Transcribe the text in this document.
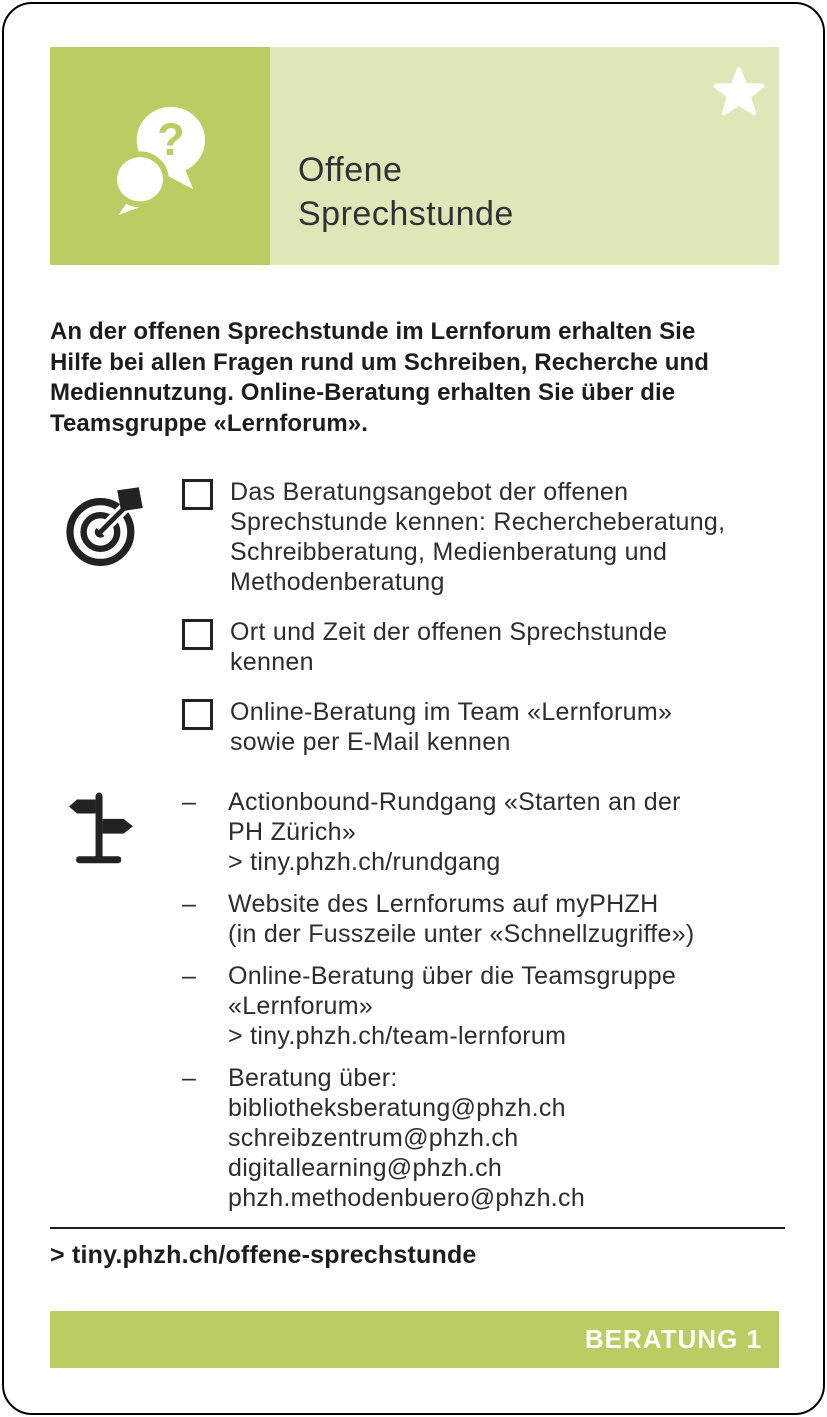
?
Offene
Sprechstunde
An der offenen Sprechstunde im Lernforum erhalten Sie
Hilfe bei allen Fragen rund um Schreiben, Recherche und
Mediennutzung. Online-Beratung erhalten Sie über die
Teamsgruppe «Lernforum».
Das Beratungsangebot der offenen
Sprechstunde kennen: Rechercheberatung,
Schreibberatung, Medienberatung und
Methodenberatung
Ort und Zeit der offenen Sprechstunde
kennen
Online-Beratung im Team «Lernforum»
sowie per E-Mail kennen
–	Actionbound-Rundgang «Starten an der
PH Zürich»
> tiny.phzh.ch/rundgang
–	Website des Lernforums auf myPHZH
(in der Fusszeile unter «Schnellzugriffe»)
–	Online-Beratung über die Teamsgruppe
«Lernforum»
> tiny.phzh.ch/team-lernforum
–	Beratung über:
bibliotheksberatung@phzh.ch
schreibzentrum@phzh.ch
digitallearning@phzh.ch
phzh.methodenbuero@phzh.ch
> tiny.phzh.ch/offene-sprechstunde
BERATUNG 1
